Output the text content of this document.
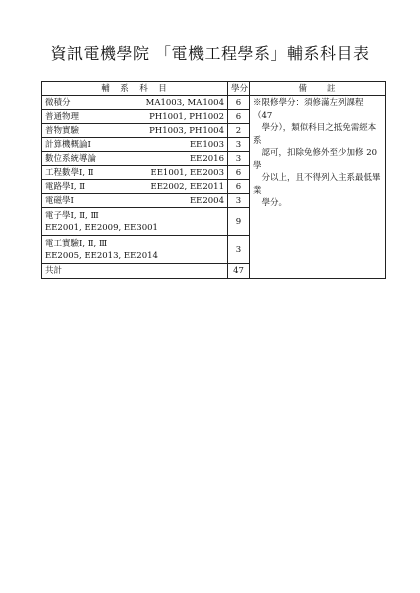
資訊電機學院 「電機工程學系」輔系科目表
輔　系　科　目	學分	備　　註

微積分 MA1003, MA1004	6	※限修學分：須修滿左列課程（47
　學分），類似科目之抵免需經本系
　認可，扣除免修外至少加修 20 學
　分以上，且不得列入主系最低畢業
　學分。

普通物理 PH1001, PH1002	6	

普物實驗 PH1003, PH1004	2	

計算機概論Ⅰ EE1003	3	

數位系統導論 EE2016	3	

工程數學Ⅰ, Ⅱ EE1001, EE2003	6	

電路學Ⅰ, Ⅱ EE2002, EE2011	6	

電磁學Ⅰ EE2004	3	

電子學Ⅰ, Ⅱ, Ⅲ
EE2001, EE2009, EE3001	9	

電工實驗Ⅰ, Ⅱ, Ⅲ
EE2005, EE2013, EE2014	3	
共計	47	
